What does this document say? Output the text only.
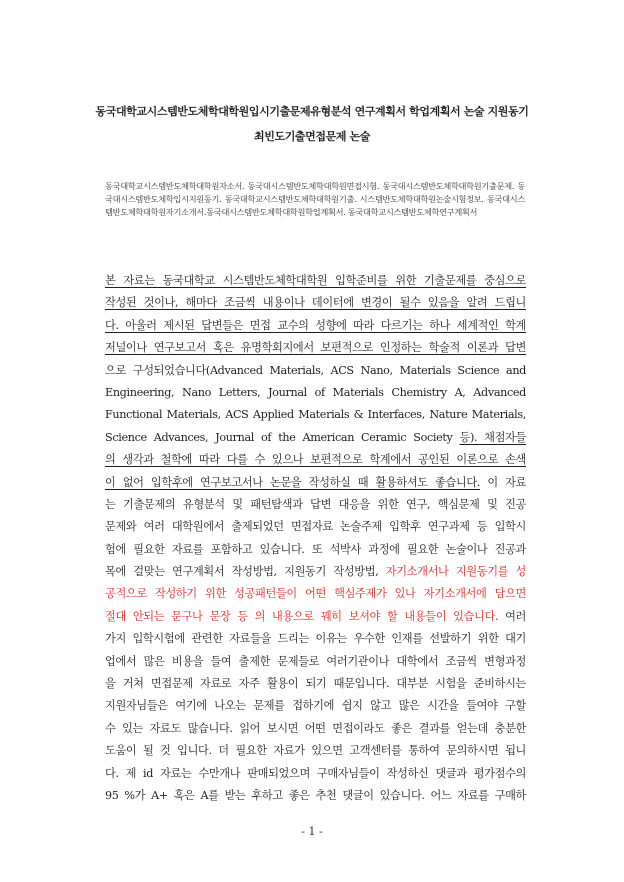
동국대학교시스템반도체학대학원입시기출문제유형분석 연구계획서 학업계획서 논술 지원동기
최빈도기출면접문제 논술
동국대학교시스템반도체학대학원자소서. 동국대시스템반도체학대학원면접시험. 동국대시스템반도체학대학원기출문제. 동국대시스템반도체학입시지원동기. 동국대학교시스템반도체학대학원기출. 시스템반도체학대학원논술시험정보. 동국대시스템반도체학대학원자기소개서.동국대시스템반도체학대학원학업계획서. 동국대학교시스템반도체학연구계획서
본 자료는 동국대학교 시스템반도체학대학원 입학준비를 위한 기출문제를 중심으로
작성된 것이나, 해마다 조금씩 내용이나 데이터에 변경이 될수 있음을 알려 드립니
다. 아울러 제시된 답변들은 면접 교수의 성향에 따라 다르기는 하나 세계적인 학계
저널이나 연구보고서 혹은 유명학회지에서 보편적으로 인정하는 학술적 이론과 답변
으로 구성되었습니다(Advanced Materials, ACS Nano, Materials Science and
Engineering, Nano Letters, Journal of Materials Chemistry A, Advanced
Functional Materials, ACS Applied Materials & Interfaces, Nature Materials,
Science Advances, Journal of the American Ceramic Society 등). 채점자들
의 생각과 철학에 따라 다를 수 있으나 보편적으로 학계에서 공인된 이론으로 손색
이 없어 입학후에 연구보고서나 논문을 작성하실 때 활용하셔도 좋습니다. 이 자료
는 기출문제의 유형분석 및 패턴탐색과 답변 대응을 위한 연구, 핵심문제 및 진공
문제와 여러 대학원에서 출제되었던 면접자료 논술주제 입학후 연구과제 등 입학시
험에 필요한 자료를 포함하고 있습니다. 또 석박사 과정에 필요한 논술이나 진공과
목에 걸맞는 연구계획서 작성방법, 지원동기 작성방법, 자기소개서나 지원동기를 성
공적으로 작성하기 위한 성공패턴들이 어떤 핵심주제가 있나 자기소개서에 담으면
절대 안되는 문구나 문장 등 의 내용으로 꿰히 보셔야 할 내용들이 있습니다. 여러
가지 입학시험에 관련한 자료들을 드리는 이유는 우수한 인재를 선발하기 위한 대기
업에서 많은 비용을 들여 출제한 문제들로 여러기관이나 대학에서 조금씩 변형과정
을 거쳐 면접문제 자료로 자주 활용이 되기 때문입니다. 대부분 시험을 준비하시는
지원자님들은 여기에 나오는 문제를 접하기에 쉽지 않고 많은 시간을 들여야 구할
수 있는 자료도 많습니다. 읽어 보시면 어떤 면접이라도 좋은 결과를 얻는데 충분한
도움이 될 것 입니다. 더 필요한 자료가 있으면 고객센터를 통하여 문의하시면 됩니
다. 제 id 자료는 수만개나 판매되었으며 구매자님들이 작성하신 댓글과 평가점수의
95 %가 A+ 혹은 A를 받는 후하고 좋은 추천 댓글이 있습니다. 어느 자료를 구매하
- 1 -
